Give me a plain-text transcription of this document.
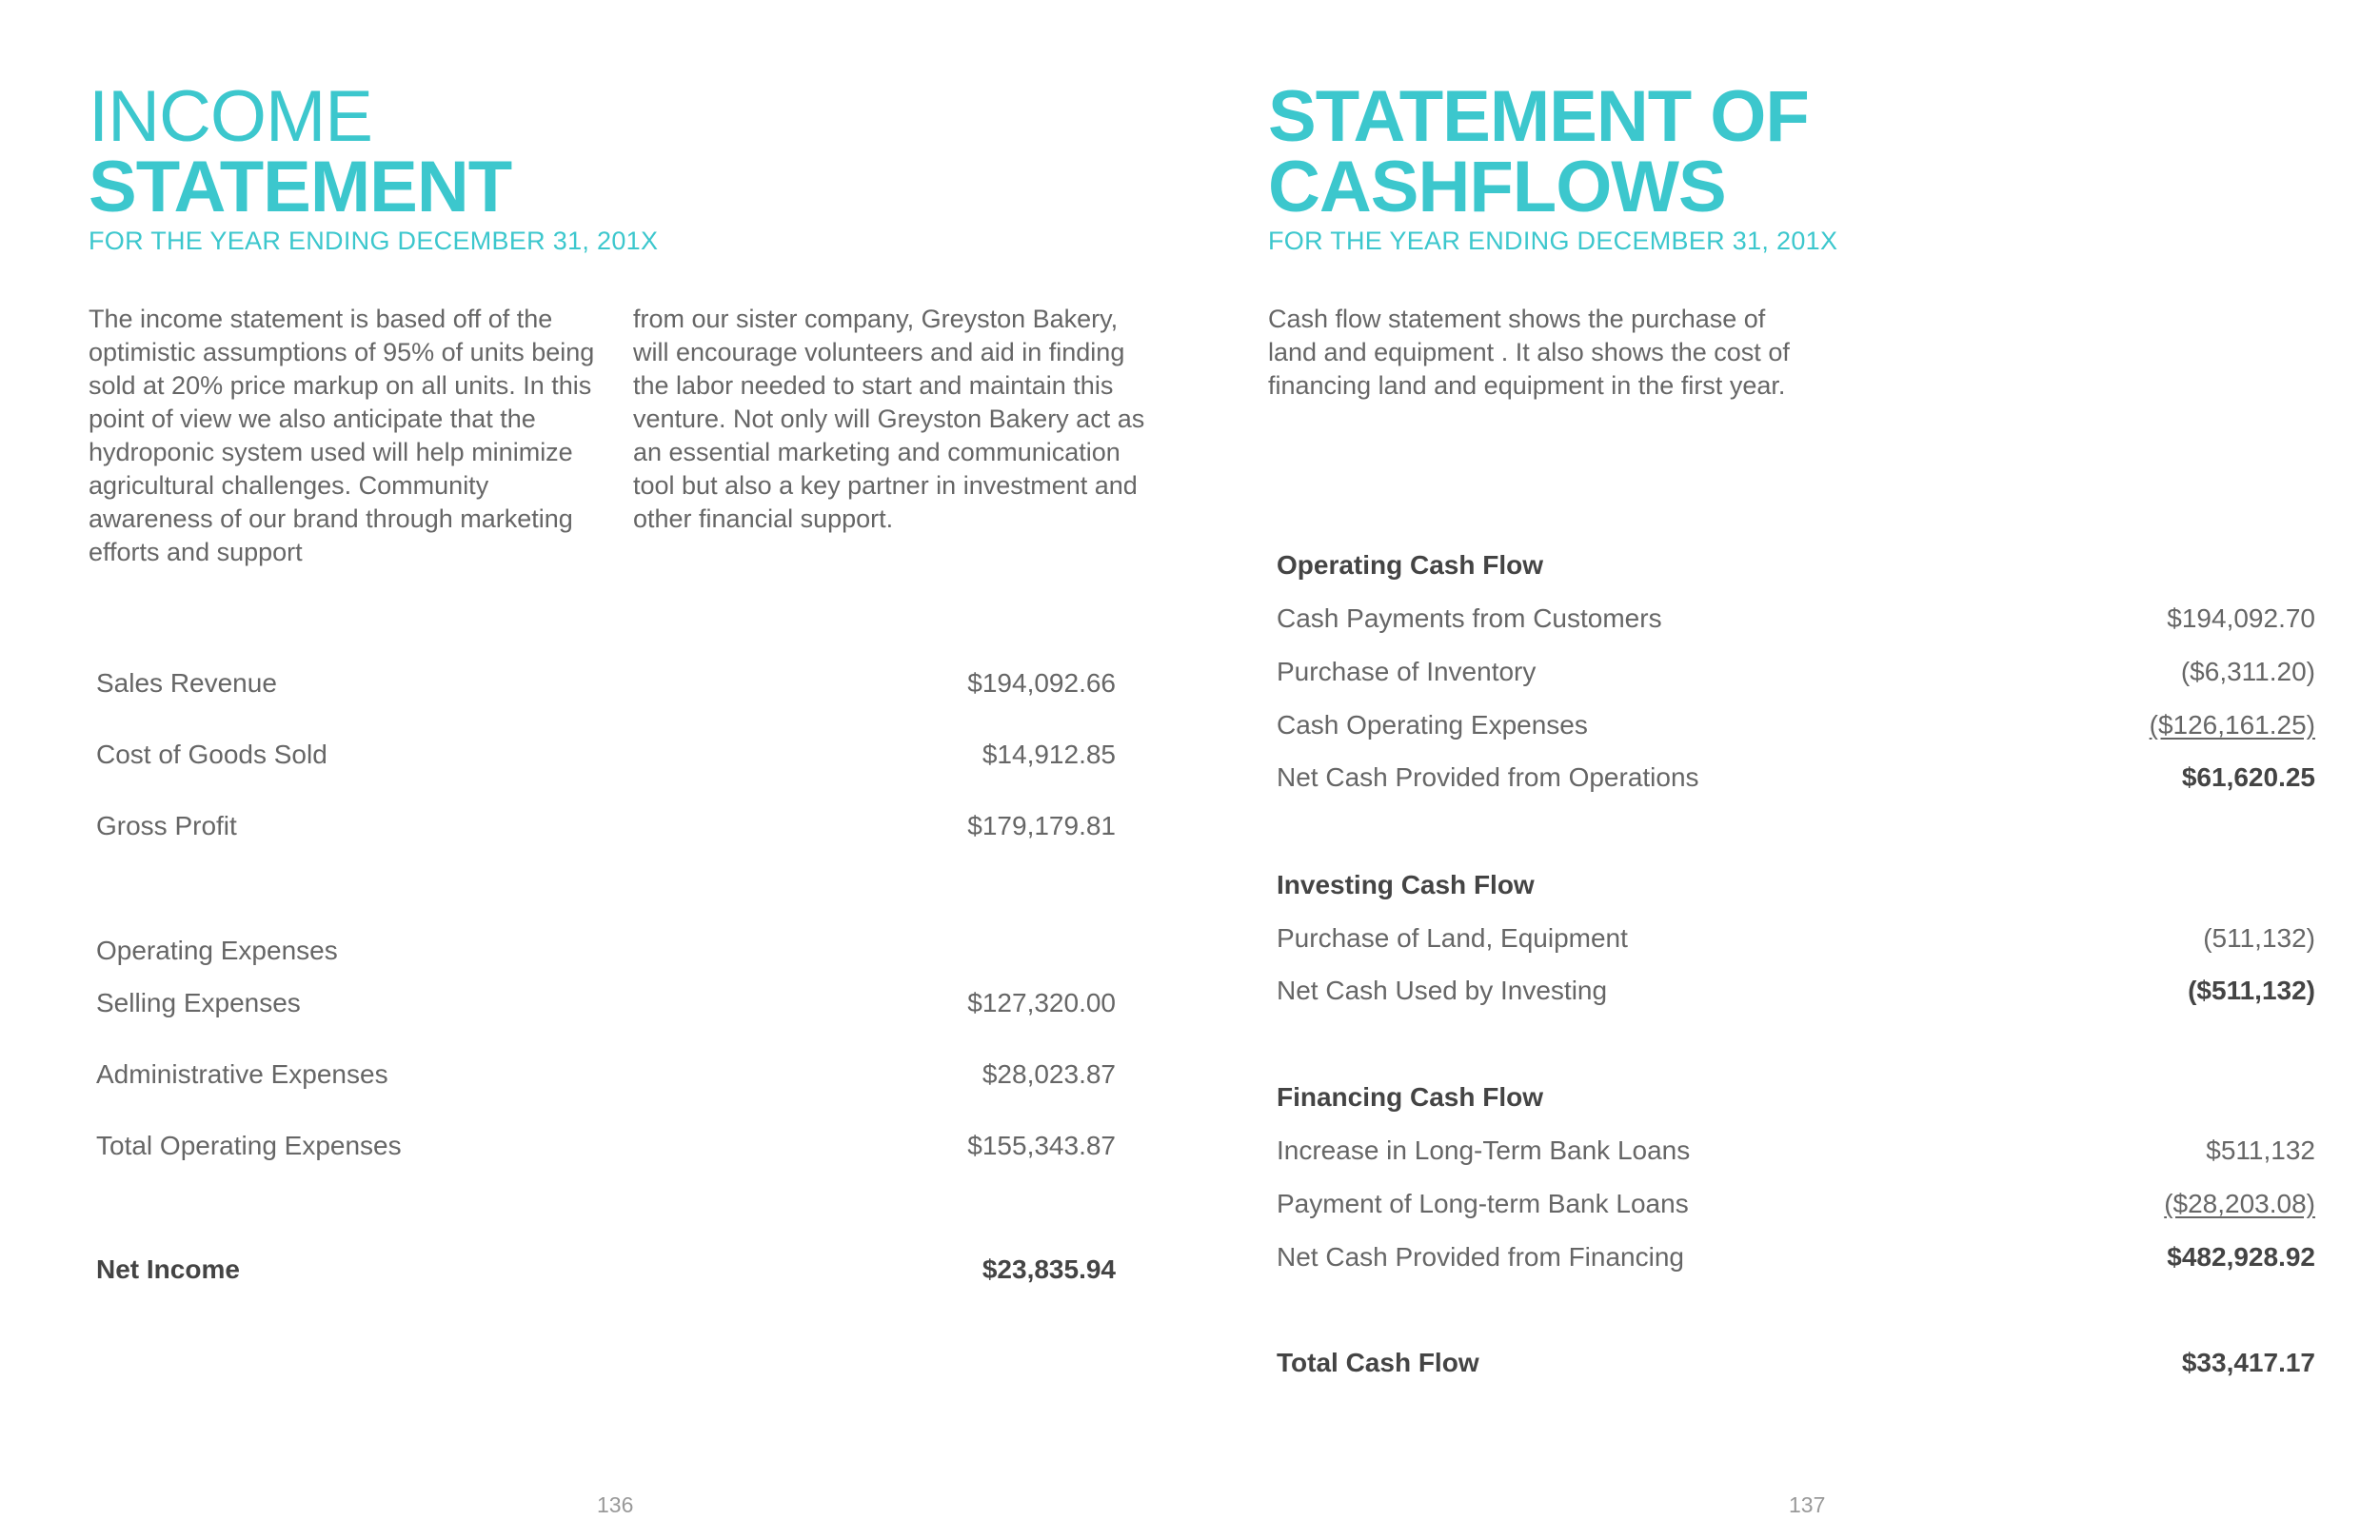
INCOME
STATEMENT
FOR THE YEAR ENDING DECEMBER 31, 201X

The income statement is based off of the optimistic assumptions of 95% of units being sold at 20% price markup on all units. In this point of view we also anticipate that the hydroponic system used will help minimize agricultural challenges. Community awareness of our brand through marketing efforts and support

from our sister company, Greyston Bakery, will encourage volunteers and aid in finding the labor needed to start and maintain this venture. Not only will Greyston Bakery act as an essential marketing and communication tool but also a key partner in investment and other financial support.

Sales Revenue	$194,092.66
Cost of Goods Sold	$14,912.85
Gross Profit	$179,179.81
Operating Expenses
Selling Expenses	$127,320.00
Administrative Expenses	$28,023.87
Total Operating Expenses	$155,343.87
Net Income	$23,835.94
136
STATEMENT OF
CASHFLOWS
FOR THE YEAR ENDING DECEMBER 31, 201X

Cash flow statement shows the purchase of land and equipment . It also shows the cost of financing land and equipment in the first year.

Operating Cash Flow
Cash Payments from Customers	$194,092.70
Purchase of Inventory	($6,311.20)
Cash Operating Expenses	($126,161.25)
Net Cash Provided from Operations	$61,620.25
Investing Cash Flow
Purchase of Land, Equipment	(511,132)
Net Cash Used by Investing	($511,132)
Financing Cash Flow
Increase in Long-Term Bank Loans	$511,132
Payment of Long-term Bank Loans	($28,203.08)
Net Cash Provided from Financing	$482,928.92
Total Cash Flow	$33,417.17
137
